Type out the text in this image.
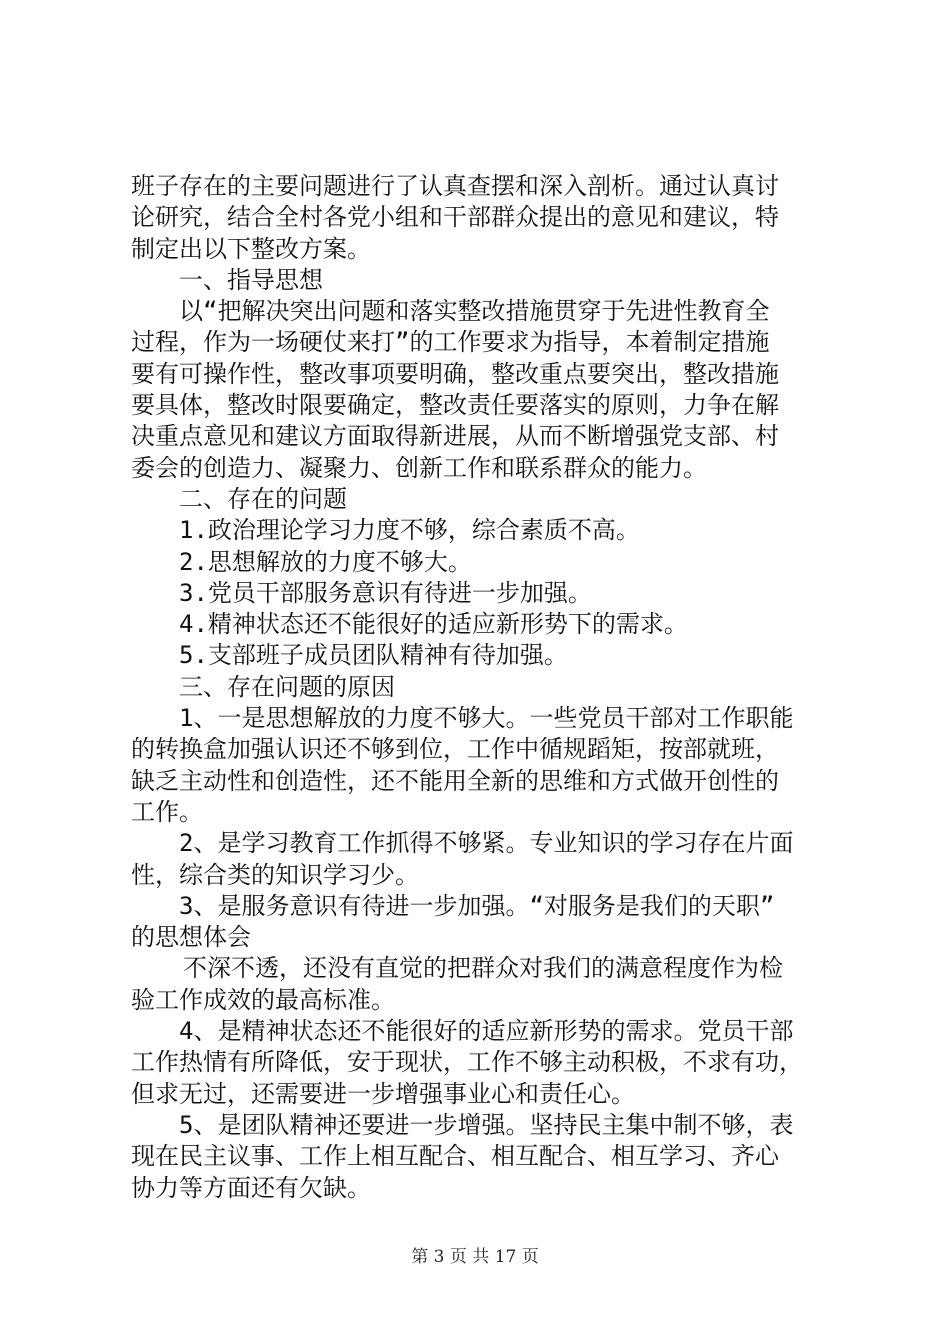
班子存在的主要问题进行了认真查摆和深入剖析。通过认真讨
论研究，结合全村各党小组和干部群众提出的意见和建议，特
制定出以下整改方案。
一、指导思想
以“把解决突出问题和落实整改措施贯穿于先进性教育全
过程，作为一场硬仗来打”的工作要求为指导，本着制定措施
要有可操作性，整改事项要明确，整改重点要突出，整改措施
要具体，整改时限要确定，整改责任要落实的原则，力争在解
决重点意见和建议方面取得新进展，从而不断增强党支部、村
委会的创造力、凝聚力、创新工作和联系群众的能力。
二、存在的问题
1.政治理论学习力度不够，综合素质不高。
2.思想解放的力度不够大。
3.党员干部服务意识有待进一步加强。
4.精神状态还不能很好的适应新形势下的需求。
5.支部班子成员团队精神有待加强。
三、存在问题的原因
1、一是思想解放的力度不够大。一些党员干部对工作职能
的转换盒加强认识还不够到位，工作中循规蹈矩，按部就班，
缺乏主动性和创造性，还不能用全新的思维和方式做开创性的
工作。
2、是学习教育工作抓得不够紧。专业知识的学习存在片面
性，综合类的知识学习少。
3、是服务意识有待进一步加强。“对服务是我们的天职”
的思想体会
不深不透，还没有直觉的把群众对我们的满意程度作为检
验工作成效的最高标准。
4、是精神状态还不能很好的适应新形势的需求。党员干部
工作热情有所降低，安于现状，工作不够主动积极，不求有功，
但求无过，还需要进一步增强事业心和责任心。
5、是团队精神还要进一步增强。坚持民主集中制不够，表
现在民主议事、工作上相互配合、相互配合、相互学习、齐心
协力等方面还有欠缺。
第 3 页 共 17 页
